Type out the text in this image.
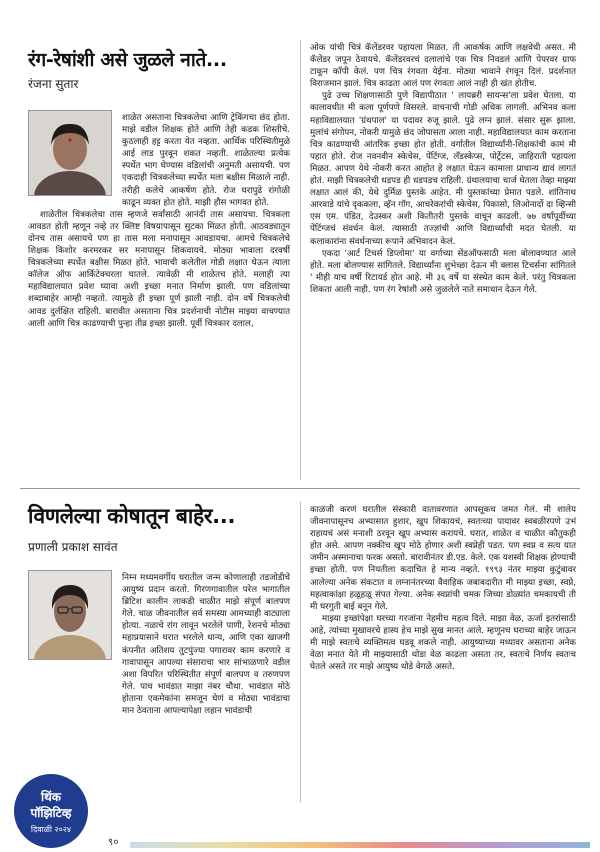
रंग-रेषांशी असे जुळले नाते...
रंजना सुतार

शाळेत असताना चित्रकलेचा आणि ट्रेकिंगचा छंद होता. माझे वडील शिक्षक होते आणि तेही कडक शिस्तीचे. कुठलाही हट्ट करता येत नव्हता. आर्थिक परिस्थितीमुळे आई लाड पुरवून शकत नव्हती. शाळेतल्या प्रत्येक स्पर्धेत भाग घेण्यास वडिलांची अनुमती असायची. पण एकदाही चित्रकलेच्या स्पर्धेत मला बक्षीस मिळाले नाही. तरीही कलेचे आकर्षण होते. रोज घरापुढे रांगोळी काढून व्यक्त होत होते. माझी हौस भागवत होते.

शाळेतील चित्रकलेचा तास म्हणजे सर्वांसाठी आनंदी तास असायचा. चित्रकला आवडत होती म्हणून नव्हे तर क्लिष्ट विषयापासून सुटका मिळत होती. आठवड्यातून दोनच तास असायचे पण हा तास मला मनापासून आवडायचा. आमचे चित्रकलेचे शिक्षक किशोर करमरकर सर मनापासून शिकवायचे. मोठ्या भावाला दरवर्षी चित्रकलेच्या स्पर्धेत बक्षीस मिळत होते. भावाची कलेतील गोडी लक्षात घेऊन त्याला कॉलेज ऑफ आर्किटेक्चरला घातले. त्यावेळी मी शाळेतच होते. मलाही त्या महाविद्यालयात प्रवेश घ्यावा अशी इच्छा मनात निर्माण झाली. पण वडिलांच्या शब्दाबाहेर आम्ही नव्हतो. त्यामुळे ही इच्छा पूर्ण झाली नाही. दोन वर्षे चित्रकलेची आवड दुर्लक्षित राहिली. बारावीत असताना चित्र प्रदर्शनाची नोटीस माझ्या वाचण्यात आली आणि चित्र काढण्याची पुन्हा तीव्र इच्छा झाली. पूर्वी चित्रकार दलाल,

ओक यांची चित्रं कॅलेंडरवर पहायला मिळत. ती आकर्षक आणि लक्षवेधी असत. मी कॅलेंडर जपून ठेवायचे. कॅलेंडरवरचं दलालांचे एक चित्र निवडलं आणि पेपरवर ग्राफ टाकून कॉपी केलं. पण चित्र रंगवता येईना. मोठ्या भावाने रंगवून दिलं. प्रदर्शनात विराजमान झालं. चित्र काढता आलं पण रंगवता आलं नाही ही खंत होतीच.

पुढे उच्च शिक्षणासाठी पुणे विद्यापीठात ' लायब्ररी सायन्स'ला प्रवेश घेतला. या कालावधीत मी कला पूर्णपणे विसरले. वाचनाची गोडी अधिक लागली. अभिनव कला महाविद्यालयात 'ग्रंथपाल' या पदावर रुजू झाले. पुढे लग्न झालं. संसार सुरू झाला. मुलांचं संगोपन, नोकरी यामुळे छंद जोपासता आला नाही. महाविद्यालयात काम करताना चित्र काढण्याची आंतरिक इच्छा होत होती. वर्गातील विद्यार्थ्यांनी-शिक्षकांची कामं मी पहात होते. रोज नवनवीन स्केचेस, पेंटिंग्ज, लँडस्केप्स, पोर्ट्रेटस, जाहिराती पहायला मिळत. आपण येथे नोकरी करत आहोत हे लक्षात घेऊन कामाला प्राधान्य द्यावं लागतं होतं. माझी चित्रकलेची धडपड ही धडपडच राहिली. ग्रंथालयाचा चार्ज घेतला तेव्हा माझ्या लक्षात आलं की, येथे दुर्मिळ पुस्तके आहेत. मी पुस्तकांच्या प्रेमात पडले. शांतिनाथ आरवाडे यांचे दृककला, व्हॅन गॉग, आचरेकरांची स्केचेस, पिकासो, लिओनार्दो दा व्हिन्सी एस एम. पंडित, देउस्कर अशी कितीतरी पुस्तके वाचून काढली. ७७ वर्षांपूर्वीच्या पेंटिंग्जचं संवर्धन केलं. त्यासाठी तज्ज्ञांची आणि विद्यार्थ्यांची मदत घेतली. या कलाकारांना संवर्धनाच्या रूपाने अभिवादन केलं.

एकदा 'आर्ट टिचर्स डिप्लोमा' या वर्गाच्या सेंडऑफसाठी मला बोलावण्यात आले होते. मला बोलण्यास सांगितले. विद्यार्थ्यांना शुभेच्छा देऊन मी क्लास टिचर्सना सांगितले ' मीही याच वर्षी रिटायर्ड होत आहे. मी ३६ वर्षे या संस्थेत काम केले. परंतु चित्रकला शिकता आली नाही. पण रंग रेषांशी असे जुळलेले नाते समाधान देऊन गेले.

विणलेल्या कोषातून बाहेर...
प्रणाली प्रकाश सावंत

निम्न मध्यमवर्गीय घरातील जन्म कोणालाही तडजोडीचे आयुष्य प्रदान करतो. गिरणगावातील परेल भागातील ब्रिटिश कालीन लाकडी चाळीत माझे संपूर्ण बालपण गेले. चाळ जीवनातील सर्व समस्या आमच्याही वाट्याला होत्या. नळाचे रांग लावून भरलेले पाणी, रेशनचे मोठ्या महाप्रयासाने घरात भरलेले धान्य, आणि एका खाजगी कंपनीत अतिशय तुटपुंज्या पगारावर काम करणारे व गावापासून आपल्या संसाराचा भार सांभाळणारे वडील अशा विपरित परिस्थितीत संपूर्ण बालपण व तरुणपण गेले. पाच भावंडात माझा नंबर चौथा. भावंडात मोठे होताना एकमेकांना समजून घेणं व मोठ्या भावंडाचा मान ठेवताना आपल्यापेक्षा लहान भावंडाची

काळजी करणं घरातील संस्कारी वातावरणात आपसूकच जमत गेलं. मी शालेय जीवनापासूनच अभ्यासात हुशार, खूप शिकायचं, स्वतःच्या पायावर स्वबळीरपणे उभं राहायचं असं मनाशी ठरवून खूप अभ्यास करायचे. घरात, शाळेत व चाळीत कौतुकही होत असे. आपण नक्कीच खूप मोठे होणार अशी स्वप्नेही पडत. पण स्वप्न व सत्य यात जमीन अस्मानाचा फरक असतो. बारावीनंतर डी.एड. केले. एक यशस्वी शिक्षक होण्याची इच्छा होती. पण नियतीला कदाचित हे मान्य नव्हते. १९९३ नंतर माझ्या कुटुंबावर आलेल्या अनेक संकटात व लग्नानंतरच्या वैवाहिक जबाबदारीत मी माझ्या इच्छा, स्वप्ने, महत्वाकांक्षा हळूहळू संपत गेल्या. अनेक स्वप्नांची चमक जिच्या डोळ्यांत चमकायची ती मी घरगुती बाई बनून गेले.

माझ्या इच्छांपेक्षा घरच्या गरजांना नेहमीच महत्व दिले. माझा वेळ, ऊर्जा इतरांसाठी आहे, त्यांच्या मुखावरचे हास्य हेच माझे सुख मानत आले. म्हणूनच घराच्या बाहेर जाऊन मी माझे स्वतःचे व्यक्तिमत्व घडवू शकले नाही. आयुष्याच्या मध्यावर असताना अनेक वेळा मनात येते मी माझ्यासाठी थोडा वेळ काढला असता तर, स्वतःचे निर्णय स्वतःच घेतले असते तर माझे आयुष्य थोडे वेगळे असते.

थिंक
पॉझिटिव्ह
दिवाळी २०२४
९०
